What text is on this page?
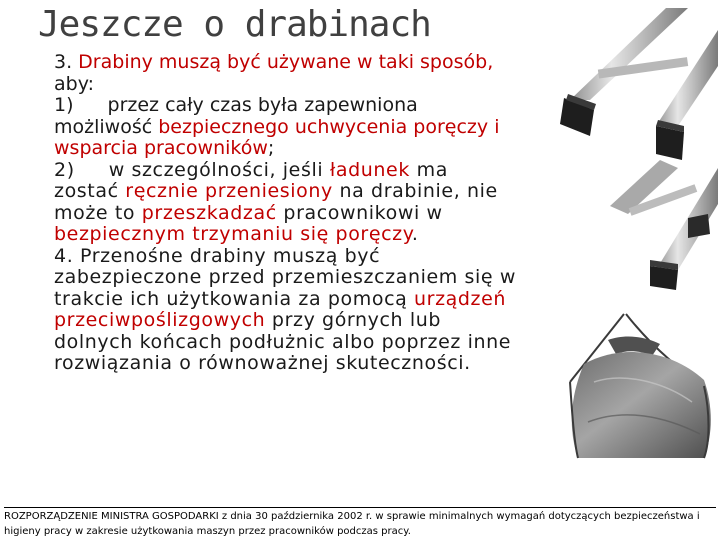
Jeszcze o drabinach

3. Drabiny muszą być używane w taki sposób, aby:

1) przez cały czas była zapewniona możliwość bezpiecznego uchwycenia poręczy i wsparcia pracowników;

2) w szczególności, jeśli ładunek ma zostać ręcznie przeniesiony na drabinie, nie może to przeszkadzać pracownikowi w bezpiecznym trzymaniu się poręczy.

4. Przenośne drabiny muszą być zabezpieczone przed przemieszczaniem się w trakcie ich użytkowania za pomocą urządzeń przeciwpoślizgowych przy górnych lub dolnych końcach podłużnic albo poprzez inne rozwiązania o równoważnej skuteczności.

ROZPORZĄDZENIE MINISTRA GOSPODARKI z dnia 30 października 2002 r. w sprawie minimalnych wymagań dotyczących bezpieczeństwa i higieny pracy w zakresie użytkowania maszyn przez pracowników podczas pracy.
